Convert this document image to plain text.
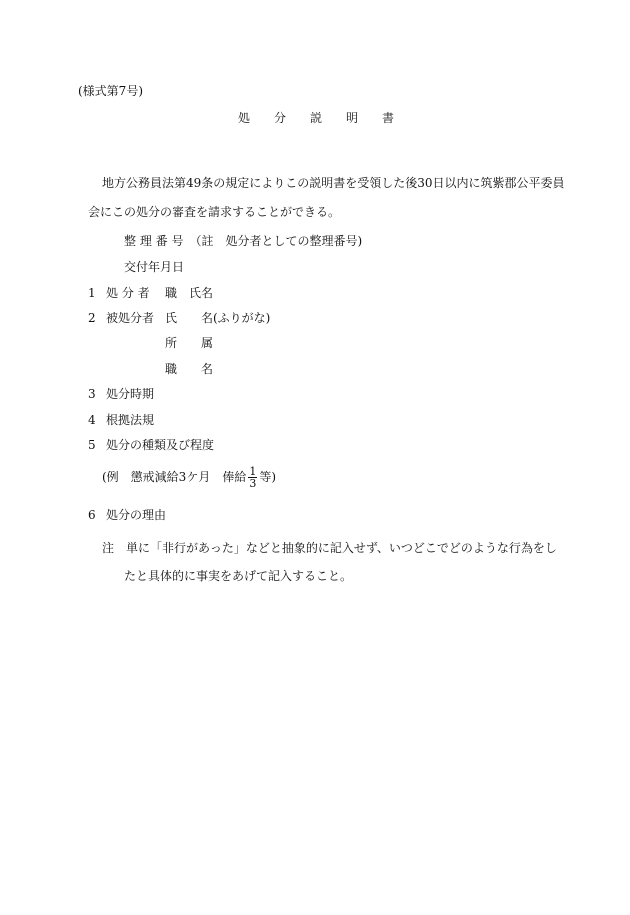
(様式第7号)
処　　分　　説　　明　　書
地方公務員法第49条の規定によりこの説明書を受領した後30日以内に筑紫郡公平委員
会にこの処分の審査を請求することができる。
整 理 番 号　（註　処分者としての整理番号)
交付年月日
1 処 分 者 職　氏名
2 被処分者 氏　　名(ふりがな)
所　　属
職　　名
3 処分時期
4 根拠法規
5 処分の種類及び程度
(例　懲戒減給3ケ月　俸給 $\frac{1}{3}$ 等)
6 処分の理由
注　単に「非行があった」などと抽象的に記入せず、いつどこでどのような行為をし
たと具体的に事実をあげて記入すること。
